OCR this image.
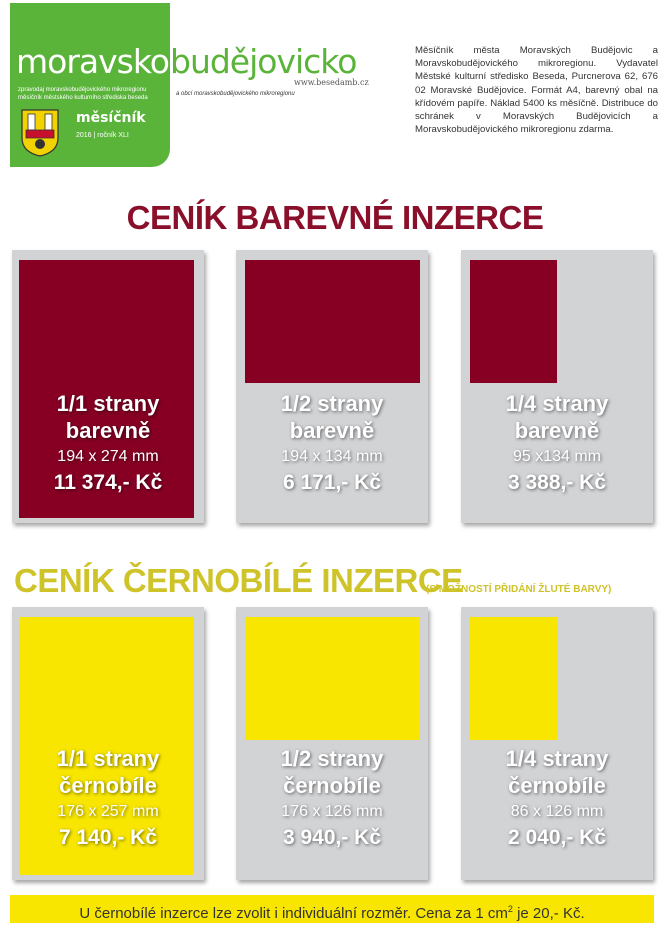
moravsko budějovicko
zpravodaj moravskobudějovického mikroregionu
měsíčník městského kulturního střediska beseda
www.besedamb.cz
a obcí moravskobudějovického mikroregionu
měsíčník
2016 | ročník XLI
Měsíčník města Moravských Budějovic a Moravskobudějovického mikroregionu. Vydavatel Městské kulturní středisko Beseda, Purcnerova 62, 676 02 Moravské Budějovice. Formát A4, barevný obal na křídovém papíře. Náklad 5400 ks měsíčně. Distribuce do schránek v Moravských Budějovicích a Moravskobudějovického mikroregionu zdarma.
CENÍK BAREVNÉ INZERCE
1/1 strany
barevně
194 x 274 mm
11 374,- Kč
1/2 strany
barevně
194 x 134 mm
6 171,- Kč
1/4 strany
barevně
95 x134 mm
3 388,- Kč
CENÍK ČERNOBÍLÉ INZERCE
(S MOŽNOSTÍ PŘIDÁNÍ ŽLUTÉ BARVY)
1/1 strany
černobíle
176 x 257 mm
7 140,- Kč
1/2 strany
černobíle
176 x 126 mm
3 940,- Kč
1/4 strany
černobíle
86 x 126 mm
2 040,- Kč
U černobílé inzerce lze zvolit i individuální rozměr. Cena za 1 $cm^2$ je 20,- Kč.
